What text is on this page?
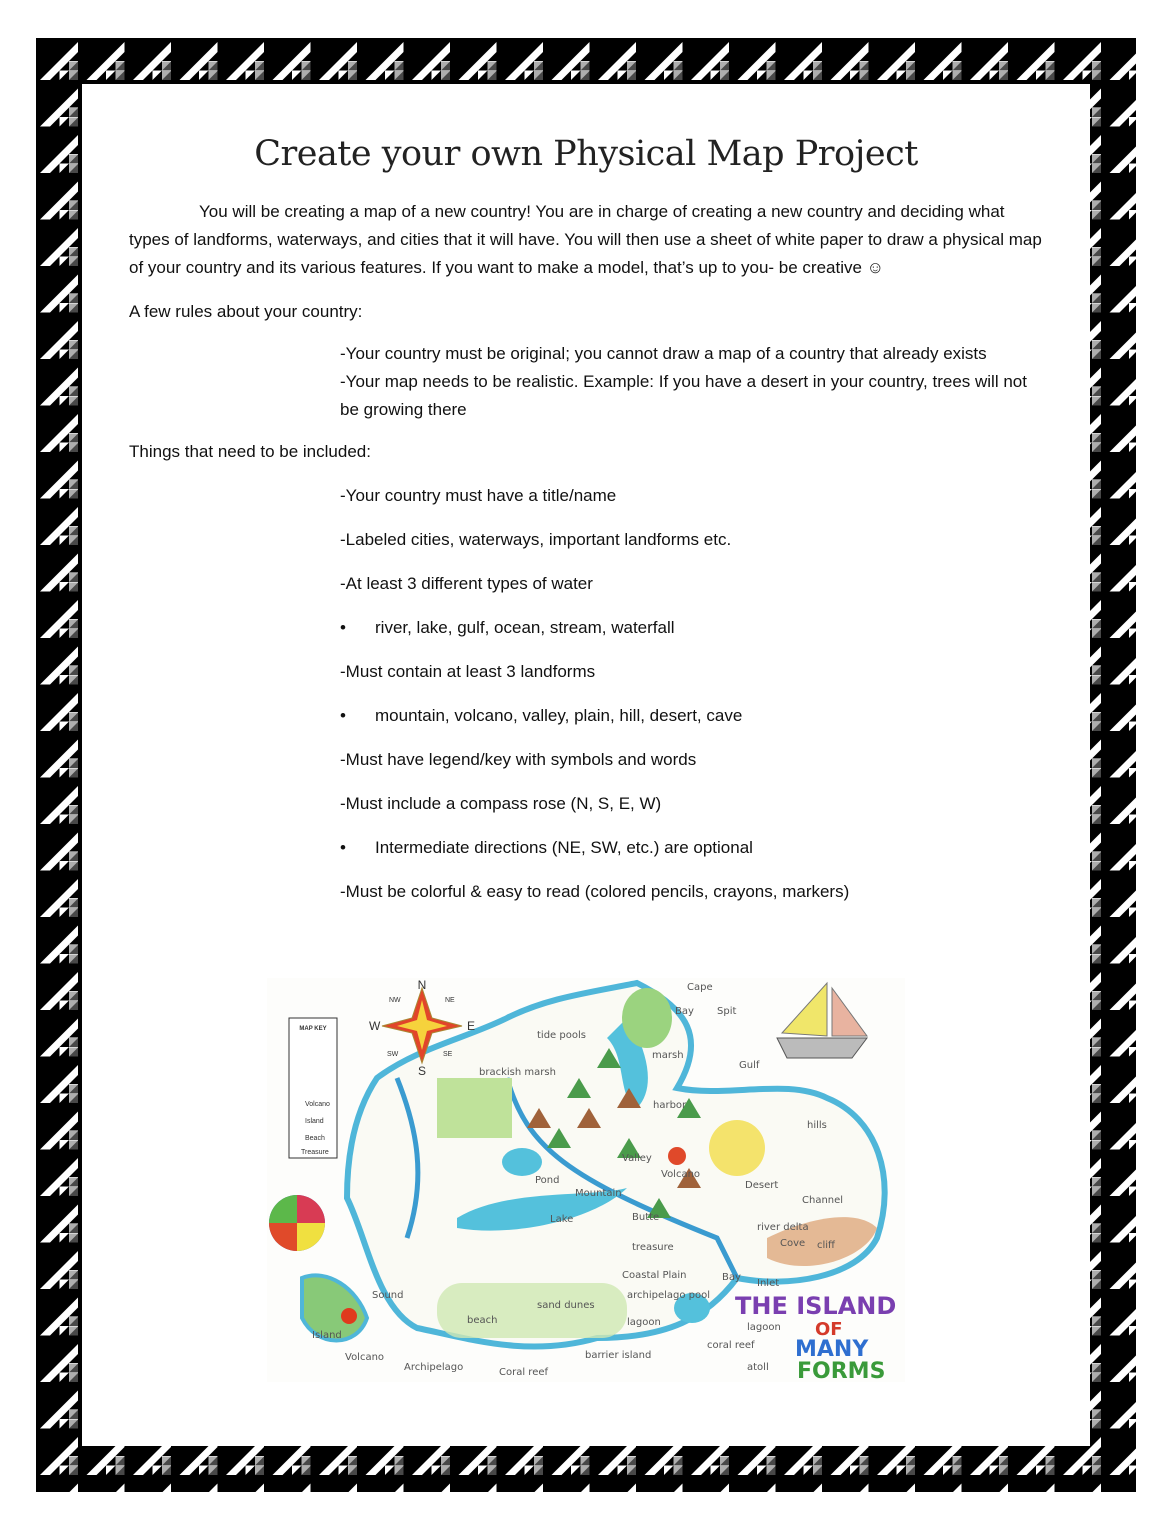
Create your own Physical Map Project

You will be creating a map of a new country! You are in charge of creating a new country and deciding what types of landforms, waterways, and cities that it will have. You will then use a sheet of white paper to draw a physical map of your country and its various features. If you want to make a model, that’s up to you- be creative ☺

A few rules about your country:

-Your country must be original; you cannot draw a map of a country that already exists

-Your map needs to be realistic. Example: If you have a desert in your country, trees will not be growing there

Things that need to be included:

-Your country must have a title/name

-Labeled cities, waterways, important landforms etc.

-At least 3 different types of water

• river, lake, gulf, ocean, stream, waterfall

-Must contain at least 3 landforms

• mountain, volcano, valley, plain, hill, desert, cave

-Must have legend/key with symbols and words

-Must include a compass rose (N, S, E, W)

• Intermediate directions (NE, SW, etc.) are optional

-Must be colorful & easy to read (colored pencils, crayons, markers)

MAP KEY
Volcano
Island
Beach
Treasure
N
S
E
W
NE
NW
SE
SW
Cape
Bay Spit
Gulf
tide pools
brackish marsh
marsh
harbor
hills
Valley
Volcano
Desert
Pond
Mountain
Channel
Lake	Butte
river delta
Cove cliff
treasure
Coastal Plain	Bay
Inlet
archipelago pool
sand dunes
beach	lagoon
Sound
Island
Volcano
Archipelago	Coral reef
barrier island
lagoon
coral reef
atoll
THE ISLAND
OF
MANY
FORMS
